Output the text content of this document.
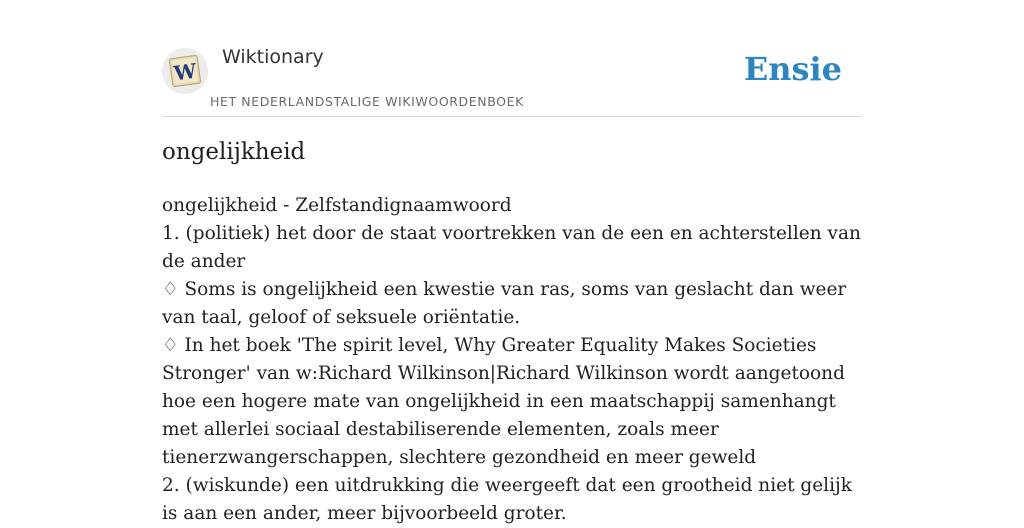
W
Wiktionary
HET NEDERLANDSTALIGE WIKIWOORDENBOEK
Ensie
ongelijkheid
ongelijkheid - Zelfstandignaamwoord
1. (politiek) het door de staat voortrekken van de een en achterstellen van de ander
♢ Soms is ongelijkheid een kwestie van ras, soms van geslacht dan weer van taal, geloof of seksuele oriëntatie.
♢ In het boek 'The spirit level, Why Greater Equality Makes Societies Stronger' van w:Richard Wilkinson|Richard Wilkinson wordt aangetoond hoe een hogere mate van ongelijkheid in een maatschappij samenhangt met allerlei sociaal destabiliserende elementen, zoals meer tienerzwangerschappen, slechtere gezondheid en meer geweld
2. (wiskunde) een uitdrukking die weergeeft dat een grootheid niet gelijk is aan een ander, meer bijvoorbeeld groter.
